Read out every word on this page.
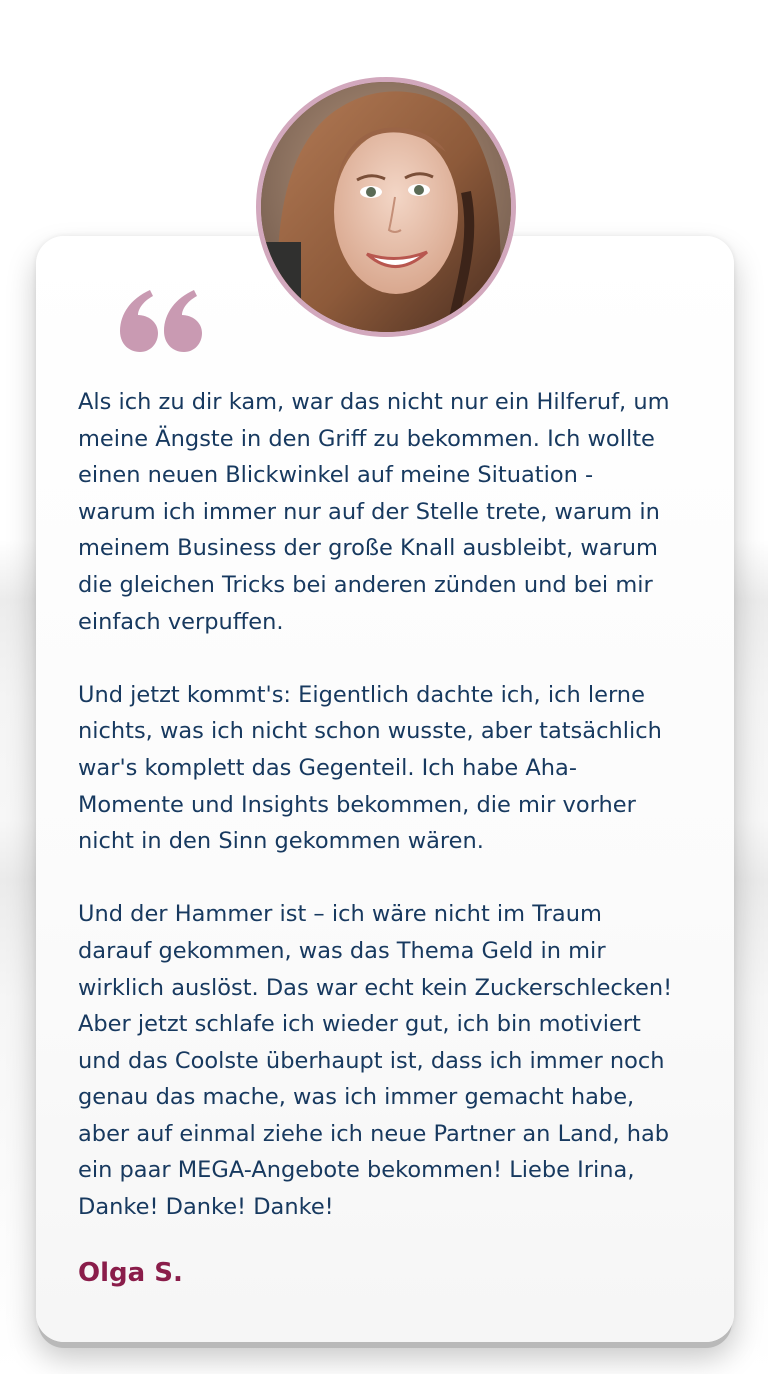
Als ich zu dir kam, war das nicht nur ein Hilferuf, um
meine Ängste in den Griff zu bekommen. Ich wollte
einen neuen Blickwinkel auf meine Situation -
warum ich immer nur auf der Stelle trete, warum in
meinem Business der große Knall ausbleibt, warum
die gleichen Tricks bei anderen zünden und bei mir
einfach verpuffen.

Und jetzt kommt's: Eigentlich dachte ich, ich lerne
nichts, was ich nicht schon wusste, aber tatsächlich
war's komplett das Gegenteil. Ich habe Aha-
Momente und Insights bekommen, die mir vorher
nicht in den Sinn gekommen wären.

Und der Hammer ist – ich wäre nicht im Traum
darauf gekommen, was das Thema Geld in mir
wirklich auslöst. Das war echt kein Zuckerschlecken!
Aber jetzt schlafe ich wieder gut, ich bin motiviert
und das Coolste überhaupt ist, dass ich immer noch
genau das mache, was ich immer gemacht habe,
aber auf einmal ziehe ich neue Partner an Land, hab
ein paar MEGA-Angebote bekommen! Liebe Irina,
Danke! Danke! Danke!

Olga S.
